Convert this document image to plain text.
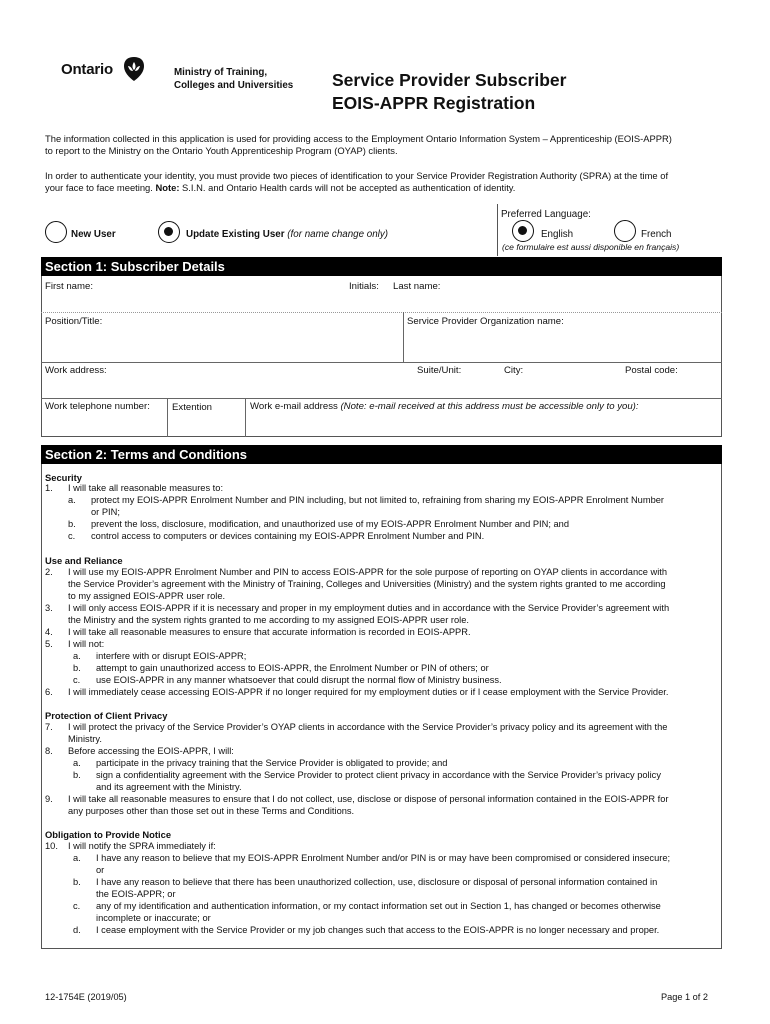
Ontario	Ministry of Training,
Colleges and Universities	Service Provider Subscriber
EOIS-APPR Registration
The information collected in this application is used for providing access to the Employment Ontario Information System – Apprenticeship (EOIS-APPR)
to report to the Ministry on the Ontario Youth Apprenticeship Program (OYAP) clients.
In order to authenticate your identity, you must provide two pieces of identification to your Service Provider Registration Authority (SPRA) at the time of
your face to face meeting. Note: S.I.N. and Ontario Health cards will not be accepted as authentication of identity.
New User	Update Existing User (for name change only)
Preferred Language:
English	French
(ce formulaire est aussi disponible en français)
Section 1: Subscriber Details
First name:	Initials: Last name:
Position/Title:	Service Provider Organization name:
Work address:	Suite/Unit:	City:	Postal code:
Work telephone number: Extention	Work e-mail address (Note: e-mail received at this address must be accessible only to you):
Section 2: Terms and Conditions
Security
1. I will take all reasonable measures to:
a. protect my EOIS-APPR Enrolment Number and PIN including, but not limited to, refraining from sharing my EOIS-APPR Enrolment Number
or PIN;
b. prevent the loss, disclosure, modification, and unauthorized use of my EOIS-APPR Enrolment Number and PIN; and
c. control access to computers or devices containing my EOIS-APPR Enrolment Number and PIN.
Use and Reliance
2. I will use my EOIS-APPR Enrolment Number and PIN to access EOIS-APPR for the sole purpose of reporting on OYAP clients in accordance with
the Service Provider’s agreement with the Ministry of Training, Colleges and Universities (Ministry) and the system rights granted to me according
to my assigned EOIS-APPR user role.
3. I will only access EOIS-APPR if it is necessary and proper in my employment duties and in accordance with the Service Provider’s agreement with
the Ministry and the system rights granted to me according to my assigned EOIS-APPR user role.
4. I will take all reasonable measures to ensure that accurate information is recorded in EOIS-APPR.
5. I will not:
a. interfere with or disrupt EOIS-APPR;
b. attempt to gain unauthorized access to EOIS-APPR, the Enrolment Number or PIN of others; or
c. use EOIS-APPR in any manner whatsoever that could disrupt the normal flow of Ministry business.
6. I will immediately cease accessing EOIS-APPR if no longer required for my employment duties or if I cease employment with the Service Provider.
Protection of Client Privacy
7. I will protect the privacy of the Service Provider’s OYAP clients in accordance with the Service Provider’s privacy policy and its agreement with the
Ministry.
8. Before accessing the EOIS-APPR, I will:
a. participate in the privacy training that the Service Provider is obligated to provide; and
b. sign a confidentiality agreement with the Service Provider to protect client privacy in accordance with the Service Provider’s privacy policy
and its agreement with the Ministry.
9. I will take all reasonable measures to ensure that I do not collect, use, disclose or dispose of personal information contained in the EOIS-APPR for
any purposes other than those set out in these Terms and Conditions.
Obligation to Provide Notice
10. I will notify the SPRA immediately if:
a. I have any reason to believe that my EOIS-APPR Enrolment Number and/or PIN is or may have been compromised or considered insecure;
or
b. I have any reason to believe that there has been unauthorized collection, use, disclosure or disposal of personal information contained in
the EOIS-APPR; or
c. any of my identification and authentication information, or my contact information set out in Section 1, has changed or becomes otherwise
incomplete or inaccurate; or
d. I cease employment with the Service Provider or my job changes such that access to the EOIS-APPR is no longer necessary and proper.
12-1754E (2019/05)	Page 1 of 2
